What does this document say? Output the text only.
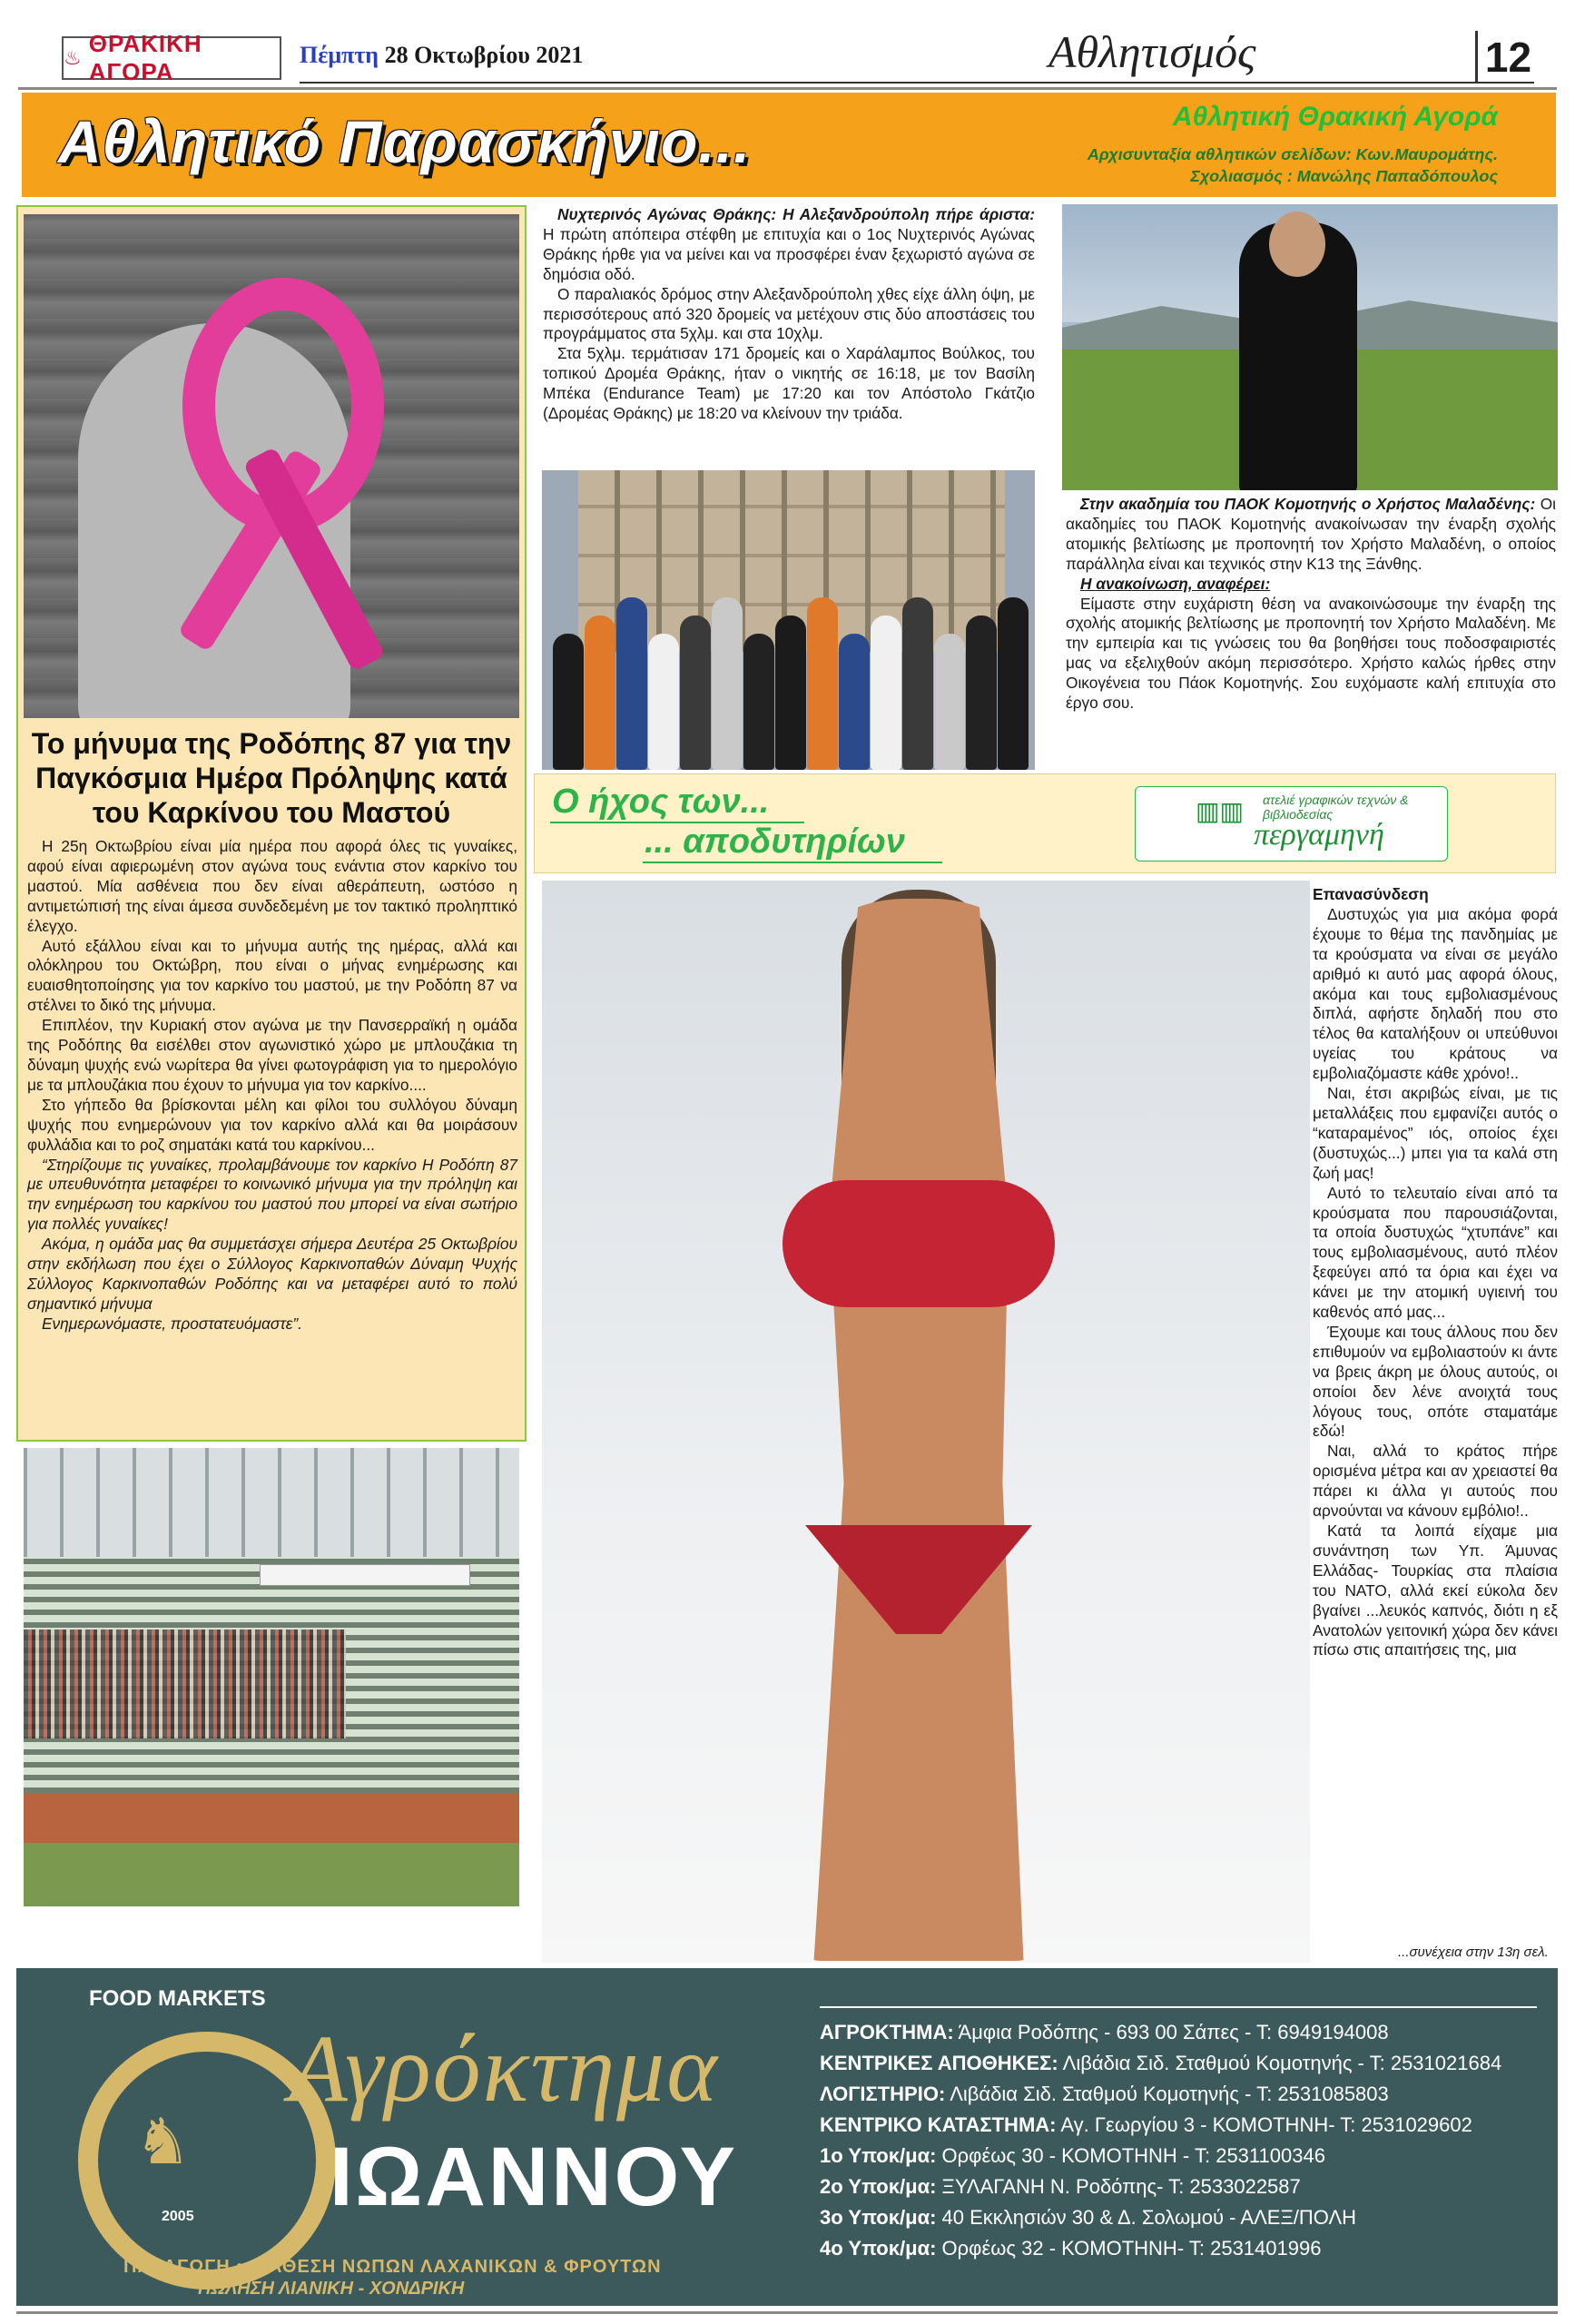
♨
ΘΡΑΚΙΚΗ ΑΓΟΡΑ
Πέμπτη 28 Οκτωβρίου 2021	Αθλητισμός	12
Αθλητικό Παρασκήνιο...	Αθλητική Θρακική Αγορά
Αρχισυνταξία αθλητικών σελίδων: Κων.Μαυρομάτης.
Σχολιασμός : Μανώλης Παπαδόπουλος
Το μήνυμα της Ροδόπης 87 για την Παγκόσμια Ημέρα Πρόληψης κατά του Καρκίνου του Μαστού

Η 25η Οκτωβρίου είναι μία ημέρα που αφορά όλες τις γυναίκες, αφού είναι αφιερωμένη στον αγώνα τους ενάντια στον καρκίνο του μαστού. Μία ασθένεια που δεν είναι αθεράπευτη, ωστόσο η αντιμετώπισή της είναι άμεσα συνδεδεμένη με τον τακτικό προληπτικό έλεγχο.

Αυτό εξάλλου είναι και το μήνυμα αυτής της ημέρας, αλλά και ολόκληρου του Οκτώβρη, που είναι ο μήνας ενημέρωσης και ευαισθητοποίησης για τον καρκίνο του μαστού, με την Ροδόπη 87 να στέλνει το δικό της μήνυμα.

Επιπλέον, την Κυριακή στον αγώνα με την Πανσερραϊκή η ομάδα της Ροδόπης θα εισέλθει στον αγωνιστικό χώρο με μπλουζάκια τη δύναμη ψυχής ενώ νωρίτερα θα γίνει φωτογράφιση για το ημερολόγιο με τα μπλουζάκια που έχουν το μήνυμα για τον καρκίνο....

Στο γήπεδο θα βρίσκονται μέλη και φίλοι του συλλόγου δύναμη ψυχής που ενημερώνουν για τον καρκίνο αλλά και θα μοιράσουν φυλλάδια και το ροζ σηματάκι κατά του καρκίνου...

“Στηρίζουμε τις γυναίκες, προλαμβάνουμε τον καρκίνο Η Ροδόπη 87 με υπευθυνότητα μεταφέρει το κοινωνικό μήνυμα για την πρόληψη και την ενημέρωση του καρκίνου του μαστού που μπορεί να είναι σωτήριο για πολλές γυναίκες!

Ακόμα, η ομάδα μας θα συμμετάσχει σήμερα Δευτέρα 25 Οκτωβρίου στην εκδήλωση που έχει ο Σύλλογος Καρκινοπαθών Δύναμη Ψυχής Σύλλογος Καρκινοπαθών Ροδόπης και να μεταφέρει αυτό το πολύ σημαντικό μήνυμα

Ενημερωνόμαστε, προστατευόμαστε”.

Νυχτερινός Αγώνας Θράκης: Η Αλεξανδρούπολη πήρε άριστα: Η πρώτη απόπειρα στέφθη με επιτυχία και ο 1ος Νυχτερινός Αγώνας Θράκης ήρθε για να μείνει και να προσφέρει έναν ξεχωριστό αγώνα σε δημόσια οδό.

Ο παραλιακός δρόμος στην Αλεξανδρούπολη χθες είχε άλλη όψη, με περισσότερους από 320 δρομείς να μετέχουν στις δύο αποστάσεις του προγράμματος στα 5χλμ. και στα 10χλμ.

Στα 5χλμ. τερμάτισαν 171 δρομείς και ο Χαράλαμπος Βούλκος, του τοπικού Δρομέα Θράκης, ήταν ο νικητής σε 16:18, με τον Βασίλη Μπέκα (Endurance Team) με 17:20 και τον Απόστολο Γκάτζιο (Δρομέας Θράκης) με 18:20 να κλείνουν την τριάδα.

Στην ακαδημία του ΠΑΟΚ Κομοτηνής ο Χρήστος Μαλαδένης: Οι ακαδημίες του ΠΑΟΚ Κομοτηνής ανακοίνωσαν την έναρξη σχολής ατομικής βελτίωσης με προπονητή τον Χρήστο Μαλαδένη, ο οποίος παράλληλα είναι και τεχνικός στην Κ13 της Ξάνθης.

Η ανακοίνωση, αναφέρει:

Είμαστε στην ευχάριστη θέση να ανακοινώσουμε την έναρξη της σχολής ατομικής βελτίωσης με προπονητή τον Χρήστο Μαλαδένη. Με την εμπειρία και τις γνώσεις του θα βοηθήσει τους ποδοσφαιριστές μας να εξελιχθούν ακόμη περισσότερο. Χρήστο καλώς ήρθες στην Οικογένεια του Πάοκ Κομοτηνής. Σου ευχόμαστε καλή επιτυχία στο έργο σου.

Ο ήχος των...
... αποδυτηρίων
▥▥ ατελιέ γραφικών τεχνών & βιβλιοδεσίας
περγαμηνή

Επανασύνδεση

Δυστυχώς για μια ακόμα φορά έχουμε το θέμα της πανδημίας με τα κρούσματα να είναι σε μεγάλο αριθμό κι αυτό μας αφορά όλους, ακόμα και τους εμβολιασμένους διπλά, αφήστε δηλαδή που στο τέλος θα καταλήξουν οι υπεύθυνοι υγείας του κράτους να εμβολιαζόμαστε κάθε χρόνο!..

Ναι, έτσι ακριβώς είναι, με τις μεταλλάξεις που εμφανίζει αυτός ο “καταραμένος” ιός, οποίος έχει (δυστυχώς...) μπει για τα καλά στη ζωή μας!

Αυτό το τελευταίο είναι από τα κρούσματα που παρουσιάζονται, τα οποία δυστυχώς “χτυπάνε” και τους εμβολιασμένους, αυτό πλέον ξεφεύγει από τα όρια και έχει να κάνει με την ατομική υγιεινή του καθενός από μας...

Έχουμε και τους άλλους που δεν επιθυμούν να εμβολιαστούν κι άντε να βρεις άκρη με όλους αυτούς, οι οποίοι δεν λένε ανοιχτά τους λόγους τους, οπότε σταματάμε εδώ!

Ναι, αλλά το κράτος πήρε ορισμένα μέτρα και αν χρειαστεί θα πάρει κι άλλα γι αυτούς που αρνούνται να κάνουν εμβόλιο!..

Κατά τα λοιπά είχαμε μια συνάντηση των Υπ. Άμυνας Ελλάδας- Τουρκίας στα πλαίσια του ΝΑΤΟ, αλλά εκεί εύκολα δεν βγαίνει ...λευκός καπνός, διότι η εξ Ανατολών γειτονική χώρα δεν κάνει πίσω στις απαιτήσεις της, μια

...συνέχεια στην 13η σελ.
FOOD MARKETS
♞
2005
Αγρόκτημα
ΙΩΑΝΝΟΥ
ΠΑΡΑΓΩΓΗ • ΔΙΑΘΕΣΗ ΝΩΠΩΝ ΛΑΧΑΝΙΚΩΝ & ΦΡΟΥΤΩΝ
ΠΩΛΗΣΗ ΛΙΑΝΙΚΗ - ΧΟΝΔΡΙΚΗ
ΑΓΡΟΚΤΗΜΑ: Άμφια Ροδόπης - 693 00 Σάπες - Τ: 6949194008
ΚΕΝΤΡΙΚΕΣ ΑΠΟΘΗΚΕΣ: Λιβάδια Σιδ. Σταθμού Κομοτηνής - Τ: 2531021684
ΛΟΓΙΣΤΗΡΙΟ: Λιβάδια Σιδ. Σταθμού Κομοτηνής - Τ: 2531085803
ΚΕΝΤΡΙΚΟ ΚΑΤΑΣΤΗΜΑ: Αγ. Γεωργίου 3 - ΚΟΜΟΤΗΝΗ- Τ: 2531029602
1ο Υποκ/μα: Ορφέως 30 - ΚΟΜΟΤΗΝΗ - Τ: 2531100346
2ο Υποκ/μα: ΞΥΛΑΓΑΝΗ Ν. Ροδόπης- Τ: 2533022587
3ο Υποκ/μα: 40 Εκκλησιών 30 & Δ. Σολωμού - ΑΛΕΞ/ΠΟΛΗ
4ο Υποκ/μα: Ορφέως 32 - ΚΟΜΟΤΗΝΗ- Τ: 2531401996
